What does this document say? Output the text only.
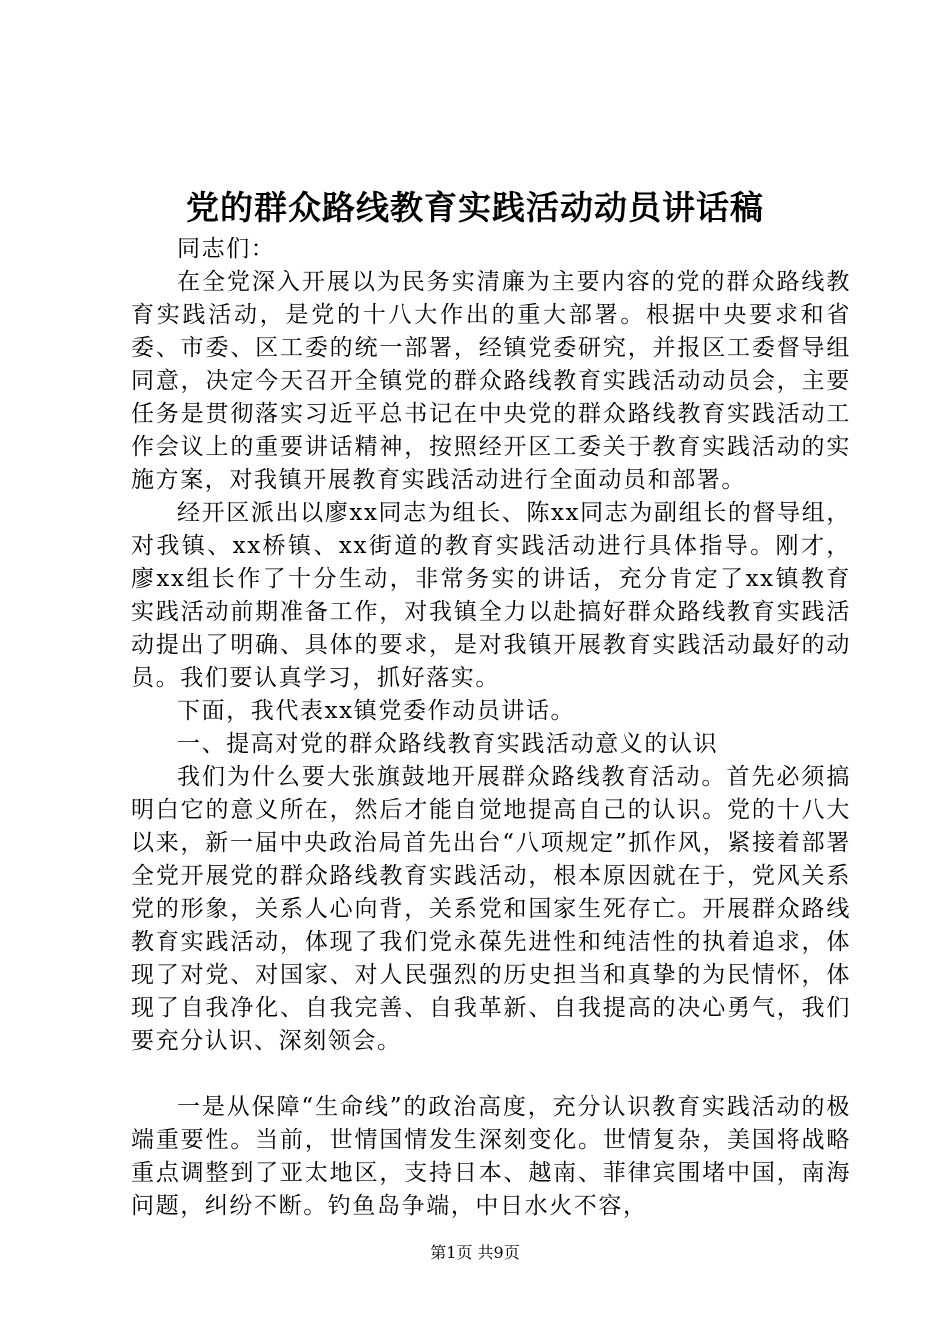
党的群众路线教育实践活动动员讲话稿

同志们：

在全党深入开展以为民务实清廉为主要内容的党的群众路线教育实践活动，是党的十八大作出的重大部署。根据中央要求和省委、市委、区工委的统一部署，经镇党委研究，并报区工委督导组同意，决定今天召开全镇党的群众路线教育实践活动动员会，主要任务是贯彻落实习近平总书记在中央党的群众路线教育实践活动工作会议上的重要讲话精神，按照经开区工委关于教育实践活动的实施方案，对我镇开展教育实践活动进行全面动员和部署。

经开区派出以廖xx同志为组长、陈xx同志为副组长的督导组，对我镇、xx桥镇、xx街道的教育实践活动进行具体指导。刚才，廖xx组长作了十分生动，非常务实的讲话，充分肯定了xx镇教育实践活动前期准备工作，对我镇全力以赴搞好群众路线教育实践活动提出了明确、具体的要求，是对我镇开展教育实践活动最好的动员。我们要认真学习，抓好落实。

下面，我代表xx镇党委作动员讲话。

一、提高对党的群众路线教育实践活动意义的认识

我们为什么要大张旗鼓地开展群众路线教育活动。首先必须搞明白它的意义所在，然后才能自觉地提高自己的认识。党的十八大以来，新一届中央政治局首先出台“八项规定”抓作风，紧接着部署全党开展党的群众路线教育实践活动，根本原因就在于，党风关系党的形象，关系人心向背，关系党和国家生死存亡。开展群众路线教育实践活动，体现了我们党永葆先进性和纯洁性的执着追求，体现了对党、对国家、对人民强烈的历史担当和真挚的为民情怀，体现了自我净化、自我完善、自我革新、自我提高的决心勇气，我们要充分认识、深刻领会。

一是从保障“生命线”的政治高度，充分认识教育实践活动的极端重要性。当前，世情国情发生深刻变化。世情复杂，美国将战略重点调整到了亚太地区，支持日本、越南、菲律宾围堵中国，南海问题，纠纷不断。钓鱼岛争端，中日水火不容，

第1页 共9页
